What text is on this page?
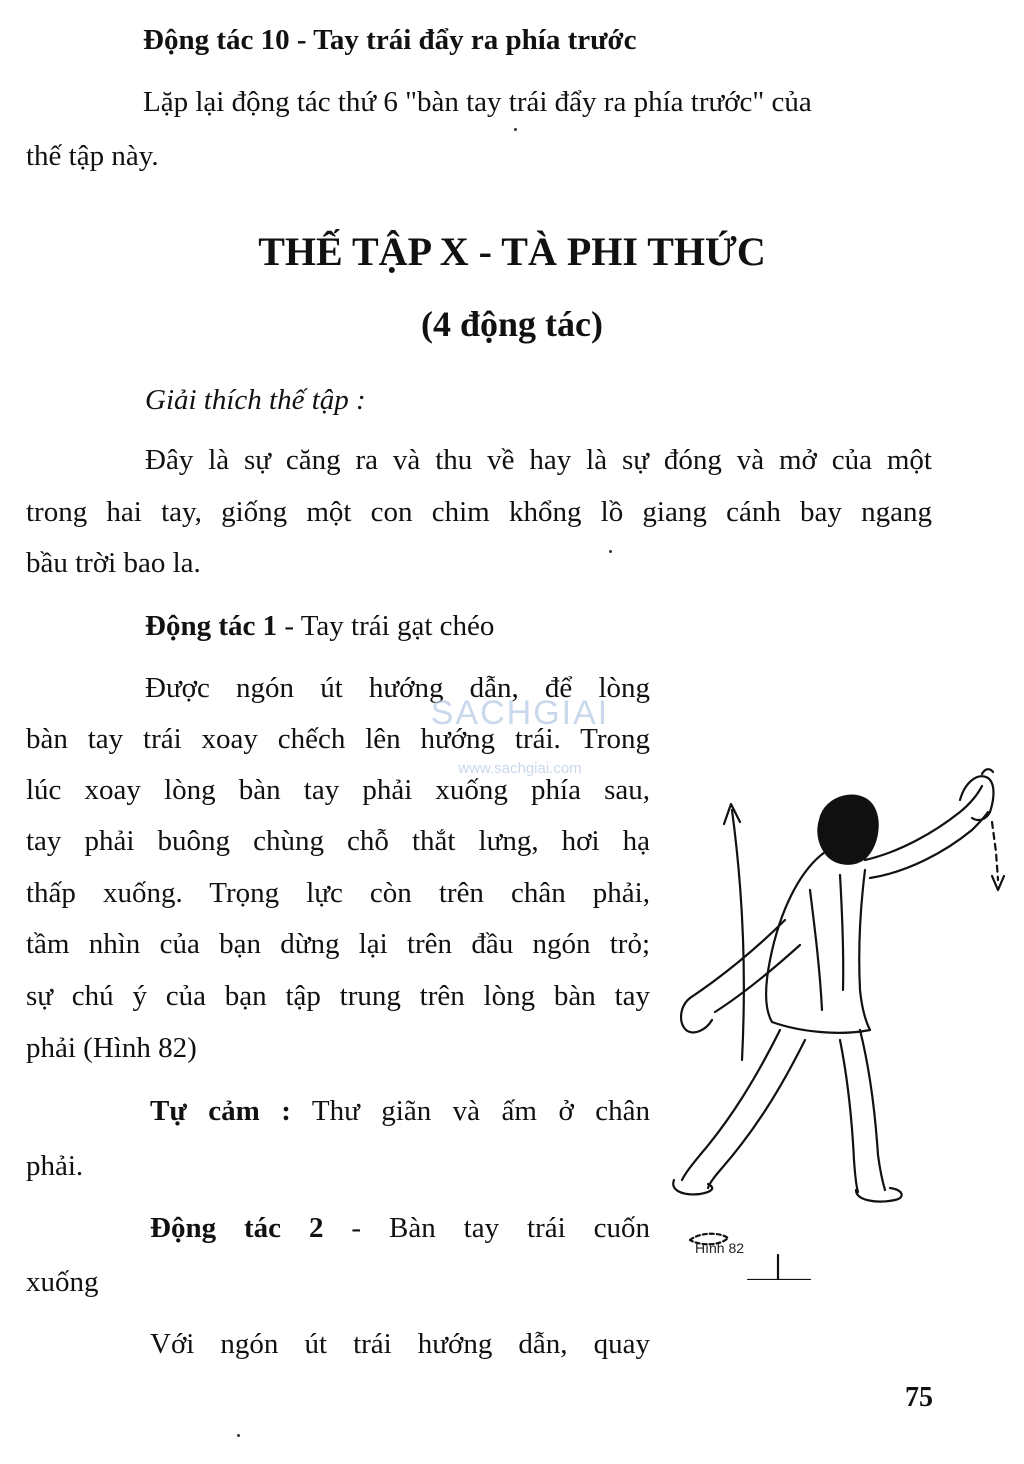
Động tác 10 - Tay trái đẩy ra phía trước
Lặp lại động tác thứ 6 "bàn tay trái đẩy ra phía trước" của
thế tập này.
THẾ TẬP X - TÀ PHI THỨC
(4 động tác)
Giải thích thế tập :
Đây là sự căng ra và thu về hay là sự đóng và mở của một
trong hai tay, giống một con chim khổng lồ giang cánh bay ngang
bầu trời bao la.
Động tác 1 - Tay trái gạt chéo
Được ngón út hướng dẫn, để lòng
bàn tay trái xoay chếch lên hướng trái. Trong
lúc xoay lòng bàn tay phải xuống phía sau,
tay phải buông chùng chỗ thắt lưng, hơi hạ
thấp xuống. Trọng lực còn trên chân phải,
tầm nhìn của bạn dừng lại trên đầu ngón trỏ;
sự chú ý của bạn tập trung trên lòng bàn tay
phải (Hình 82)
Tự cảm : Thư giãn và ấm ở chân
phải.
Động tác 2 - Bàn tay trái cuốn
xuống
Với ngón út trái hướng dẫn, quay
SACHGIAI
www.sachgiai.com
Hình 82
75
